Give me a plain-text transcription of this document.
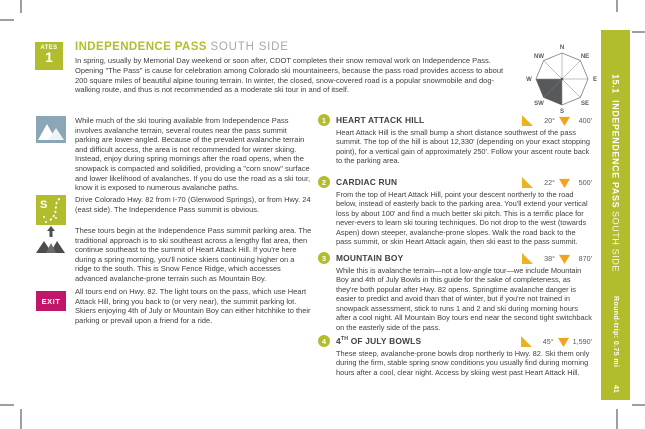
ATES
1
INDEPENDENCE PASS SOUTH SIDE

In spring, usually by Memorial Day weekend or soon after, CDOT completes their snow removal work on Independence Pass. Opening "The Pass" is cause for celebration among Colorado ski mountaineers, because the pass road provides access to about 200 square miles of beautiful alpine touring terrain. In winter, the closed, snow-covered road is a popular snowmobile and dog-walking route, and thus is not recommended as a moderate ski tour in and of itself.

N
NE
E
SE
S
SW
W
NW

While much of the ski touring available from Independence Pass involves avalanche terrain, several routes near the pass summit parking are lower-angled. Because of the prevalent avalanche terrain and difficult access, the area is not recommended for winter skiing. Instead, enjoy during spring mornings after the road opens, when the snowpack is compacted and solidified, providing a "corn snow" surface and lower likelihood of avalanches. If you do use the road as a ski tour, know it is exposed to numerous avalanche paths.

S	Drive Colorado Hwy. 82 from I-70 (Glenwood Springs), or from Hwy. 24 (east side). The Independence Pass summit is obvious.

These tours begin at the Independence Pass summit parking area. The traditional approach is to ski southeast across a lengthy flat area, then continue southeast to the summit of Heart Attack Hill. If you're here during a spring morning, you'll notice skiers continuing higher on a ridge to the south. This is Snow Fence Ridge, which accesses advanced avalanche-prone terrain such as Mountain Boy.

EXIT

All tours end on Hwy. 82. The light tours on the pass, which use Heart Attack Hill, bring you back to (or very near), the summit parking lot. Skiers enjoying 4th of July or Mountain Boy can either hitchhike to their parking or prevail upon a friend for a ride.

1	HEART ATTACK HILL	20°	400'

Heart Attack Hill is the small bump a short distance southwest of the pass summit. The top of the hill is about 12,330' (depending on your exact stopping point), for a vertical gain of approximately 250'. Follow your ascent route back to the parking area.

2	CARDIAC RUN	22°	500'

From the top of Heart Attack Hill, point your descent northerly to the road below, instead of easterly back to the parking area. You'll extend your vertical loss by about 100' and find a much better ski pitch. This is a terrific place for never-evers to learn ski touring techniques. Do not drop to the west (towards Aspen) down steeper, avalanche-prone slopes. Walk the road back to the pass summit, or skin Heart Attack again, then ski east to the pass summit.

3	MOUNTAIN BOY	38°	870'

While this is avalanche terrain—not a low-angle tour—we include Mountain Boy and 4th of July Bowls in this guide for the sake of completeness, as they're both popular after Hwy. 82 opens. Springtime avalanche danger is easier to predict and avoid than that of winter, but if you're not trained in snowpack assessment, stick to runs 1 and 2 and ski during morning hours after a cool night. All Mountain Boy tours end near the second tight switchback on the easterly side of the pass.

4	4TH OF JULY BOWLS	45°	1,590'

These steep, avalanche-prone bowls drop northerly to Hwy. 82. Ski them only during the firm, stable spring snow conditions you usually find during morning hours after a cool, clear night. Access by skiing west past Heart Attack Hill.

15.1  INDEPENDENCE PASS SOUTH SIDE
Round-trip: 0.75 mi
41
